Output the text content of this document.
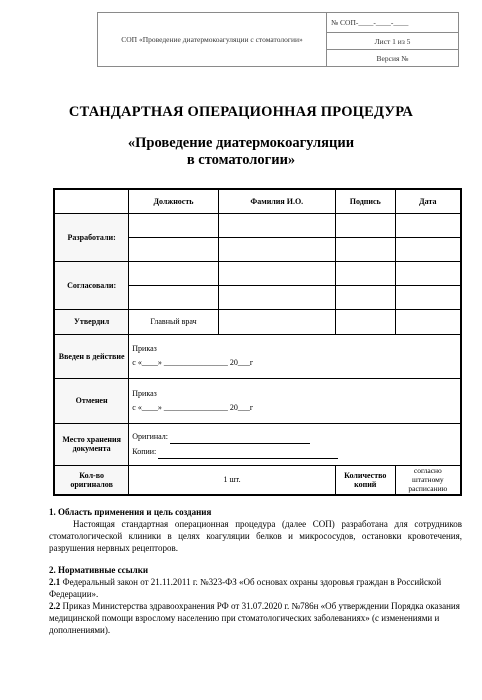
СОП «Проведение диатермокоагуляции с стоматологии»	№ СОП-____-____-____
Лист 1 из 5
Версия №
СТАНДАРТНАЯ ОПЕРАЦИОННАЯ ПРОЦЕДУРА
«Проведение диатермокоагуляции
в стоматологии»
	Должность	Фамилия И.О.	Подпись	Дата
Разработали:				

Согласовали:				

Утвердил	Главный врач			
Введен в действие	Приказ
с «____» ________________ 20___г			

Отменен	Приказ
с «____» ________________ 20___г			

Место хранения документа	Оригинал:
Копии:			

Кол-во оригиналов	1 шт.		Количество копий	согласно штатному расписанию
1. Область применения и цель создания
Настоящая стандартная операционная процедура (далее СОП) разработана для сотрудников стоматологической клиники в целях коагуляции белков и микрососудов, остановки кровотечения, разрушения нервных рецепторов.
2. Нормативные ссылки
2.1 Федеральный закон от 21.11.2011 г. №323-ФЗ «Об основах охраны здоровья граждан в Российской Федерации».
2.2 Приказ Министерства здравоохранения РФ от 31.07.2020 г. №786н «Об утверждении Порядка оказания медицинской помощи взрослому населению при стоматологических заболеваниях» (с изменениями и дополнениями).
